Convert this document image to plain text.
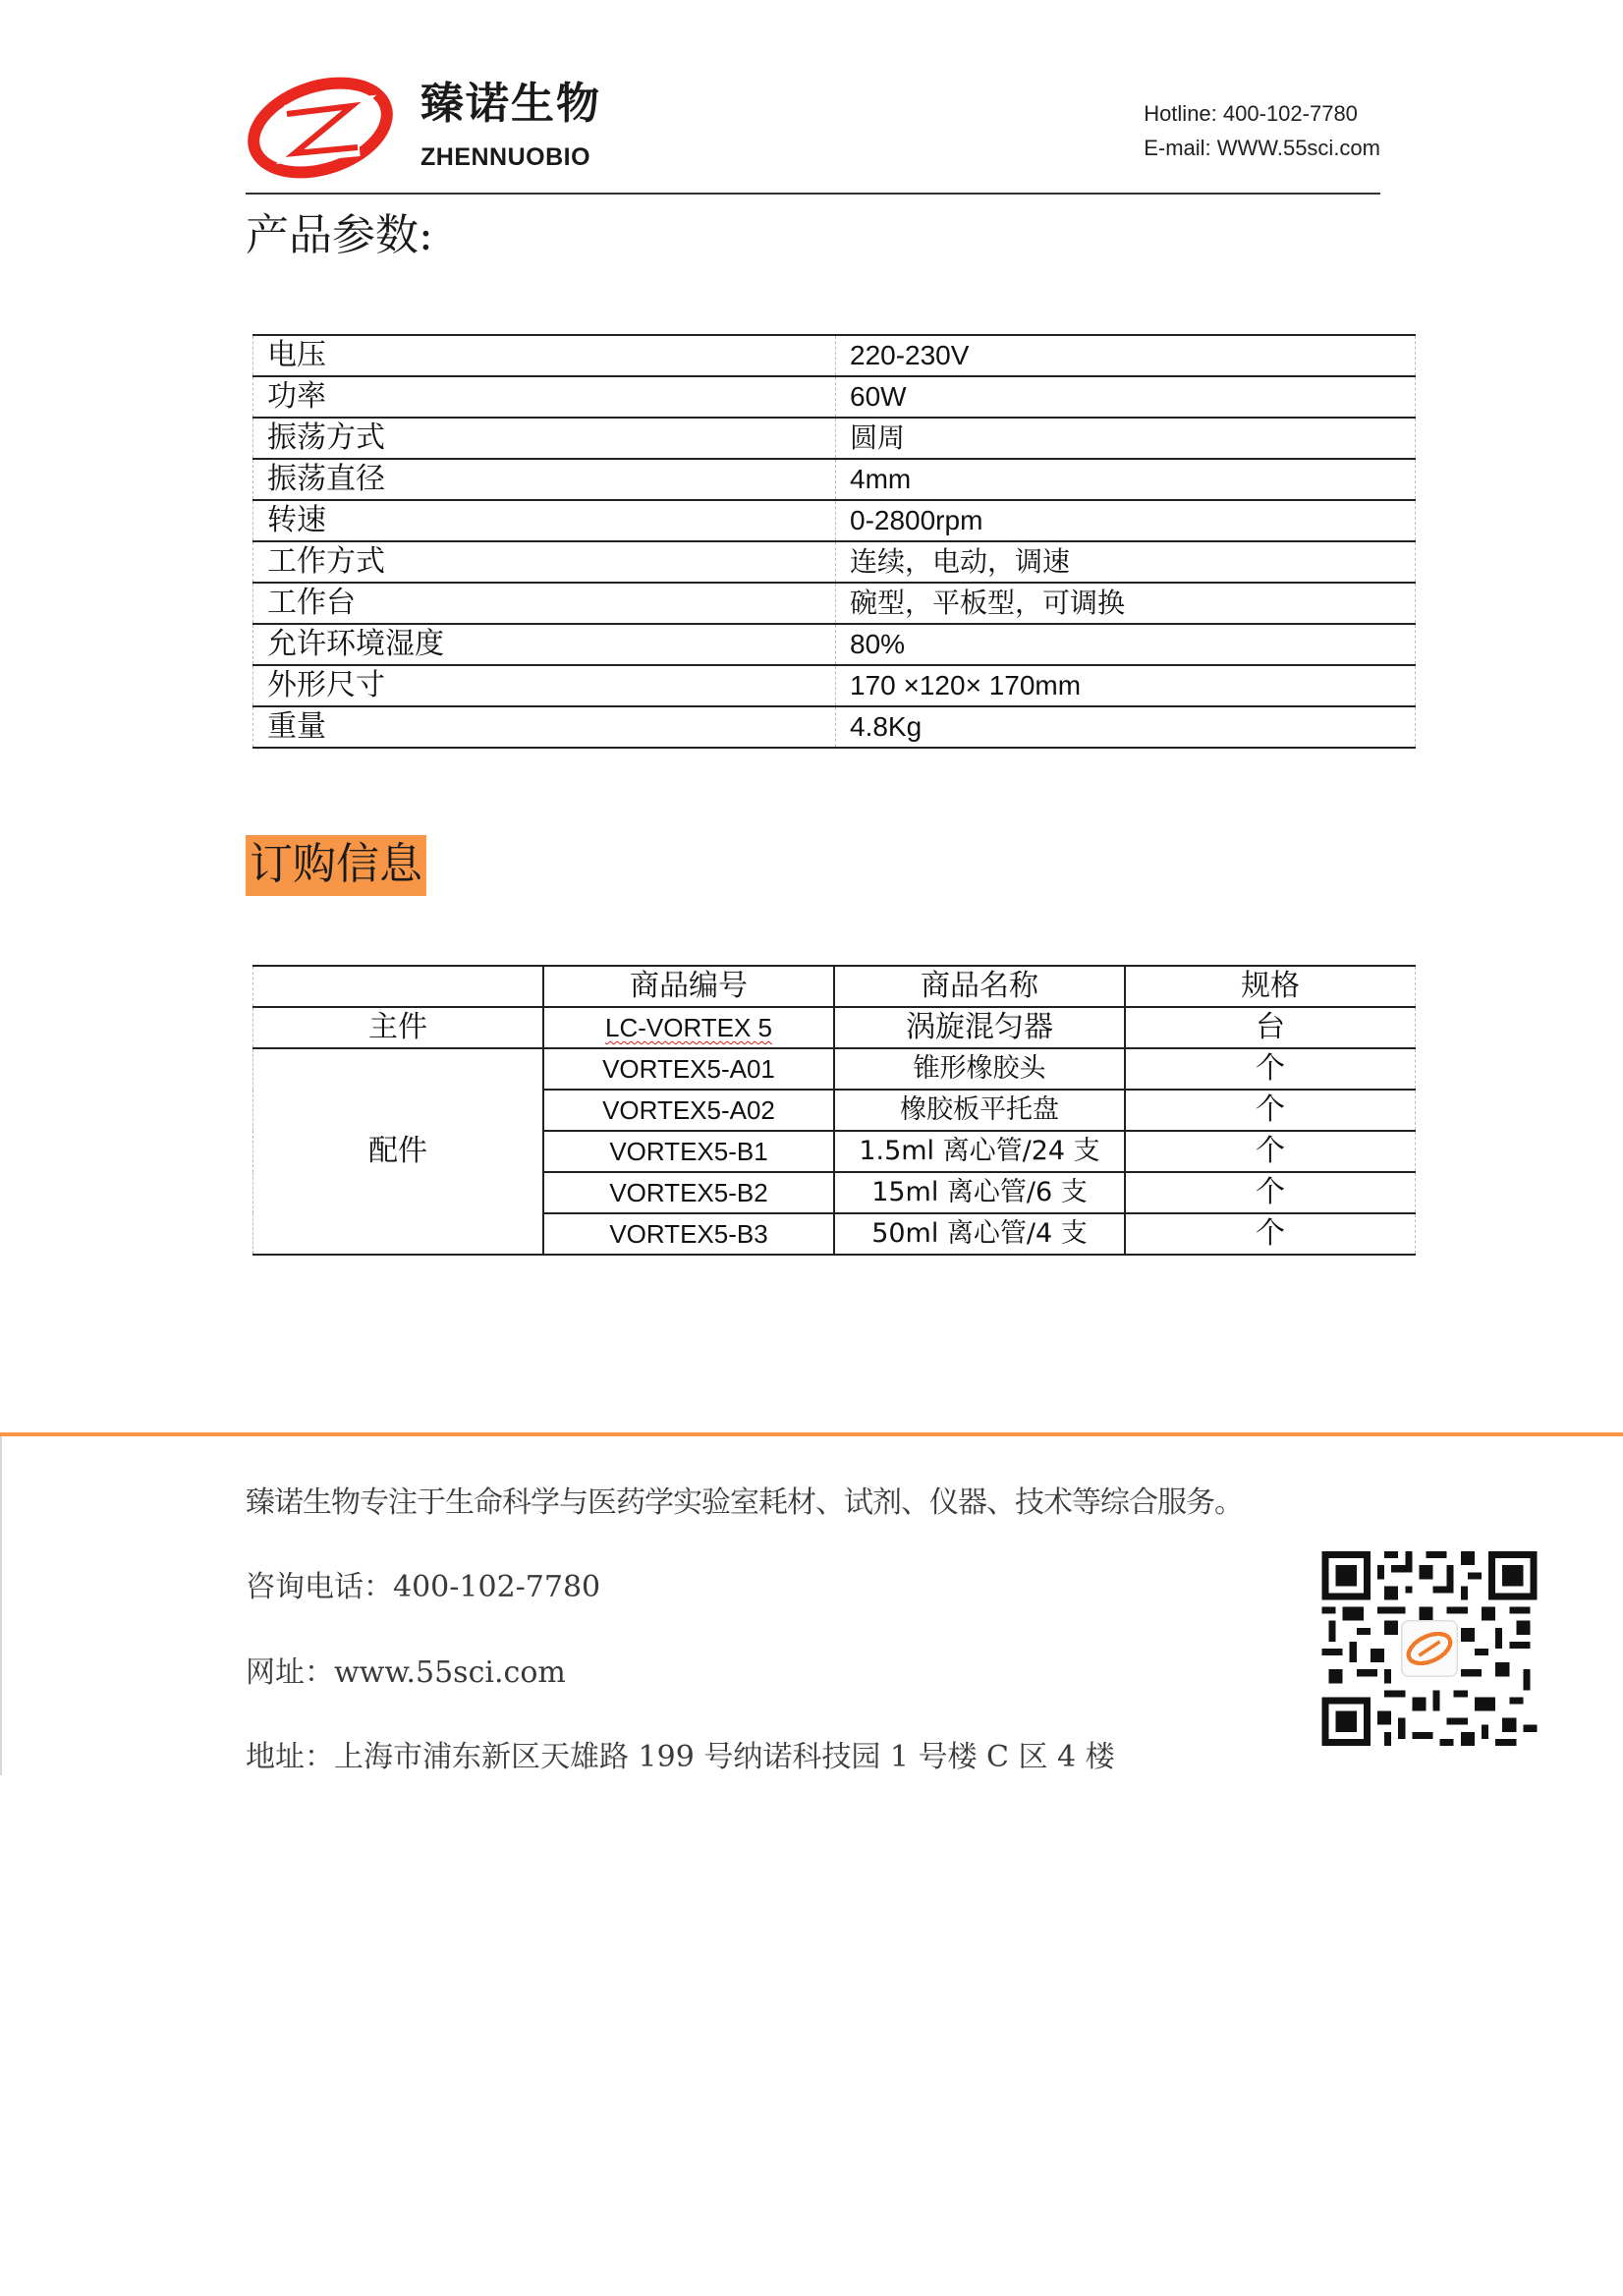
臻诺生物
ZHENNUOBIO
Hotline: 400-102-7780
E-mail: WWW.55sci.com
产品参数:
电压	220-230V
功率	60W
振荡方式	圆周
振荡直径	4mm
转速	0-2800rpm
工作方式	连续，电动，调速
工作台	碗型，平板型，可调换
允许环境湿度	80%
外形尺寸	170 ×120× 170mm
重量	4.8Kg
订购信息
	商品编号	商品名称	规格
主件	LC-VORTEX 5	涡旋混匀器	台
配件	VORTEX5-A01	锥形橡胶头	个
	VORTEX5-A02	橡胶板平托盘	个
	VORTEX5-B1	1.5ml 离心管/24 支	个
	VORTEX5-B2	15ml 离心管/6 支	个
	VORTEX5-B3	50ml 离心管/4 支	个
臻诺生物专注于生命科学与医药学实验室耗材、试剂、仪器、技术等综合服务。
咨询电话：400-102-7780
网址：www.55sci.com
地址：上海市浦东新区天雄路 199 号纳诺科技园 1 号楼 C 区 4 楼
